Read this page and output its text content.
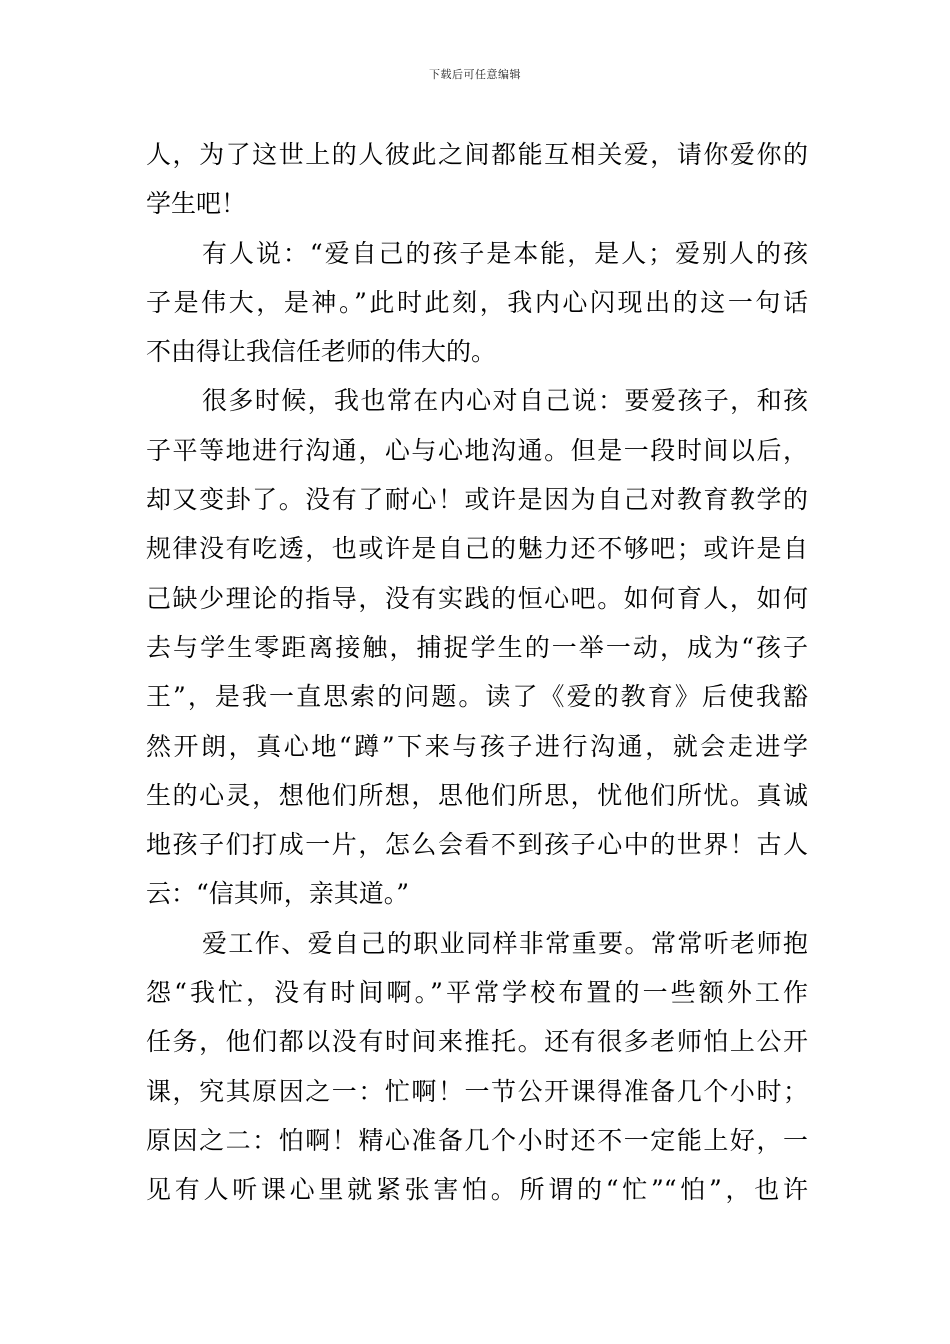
下载后可任意编辑
人，为了这世上的人彼此之间都能互相关爱，请你爱你的
学生吧！
有人说：“爱自己的孩子是本能，是人；爱别人的孩
子是伟大，是神。”此时此刻，我内心闪现出的这一句话
不由得让我信任老师的伟大的。
很多时候，我也常在内心对自己说：要爱孩子，和孩
子平等地进行沟通，心与心地沟通。但是一段时间以后，
却又变卦了。没有了耐心！或许是因为自己对教育教学的
规律没有吃透，也或许是自己的魅力还不够吧；或许是自
己缺少理论的指导，没有实践的恒心吧。如何育人，如何
去与学生零距离接触，捕捉学生的一举一动，成为“孩子
王”，是我一直思索的问题。读了《爱的教育》后使我豁
然开朗，真心地“蹲”下来与孩子进行沟通，就会走进学
生的心灵，想他们所想，思他们所思，忧他们所忧。真诚
地孩子们打成一片，怎么会看不到孩子心中的世界！古人
云：“信其师，亲其道。”
爱工作、爱自己的职业同样非常重要。常常听老师抱
怨“我忙，没有时间啊。”平常学校布置的一些额外工作
任务，他们都以没有时间来推托。还有很多老师怕上公开
课，究其原因之一：忙啊！一节公开课得准备几个小时；
原因之二：怕啊！精心准备几个小时还不一定能上好，一
见有人听课心里就紧张害怕。所谓的“忙”“怕”，也许
